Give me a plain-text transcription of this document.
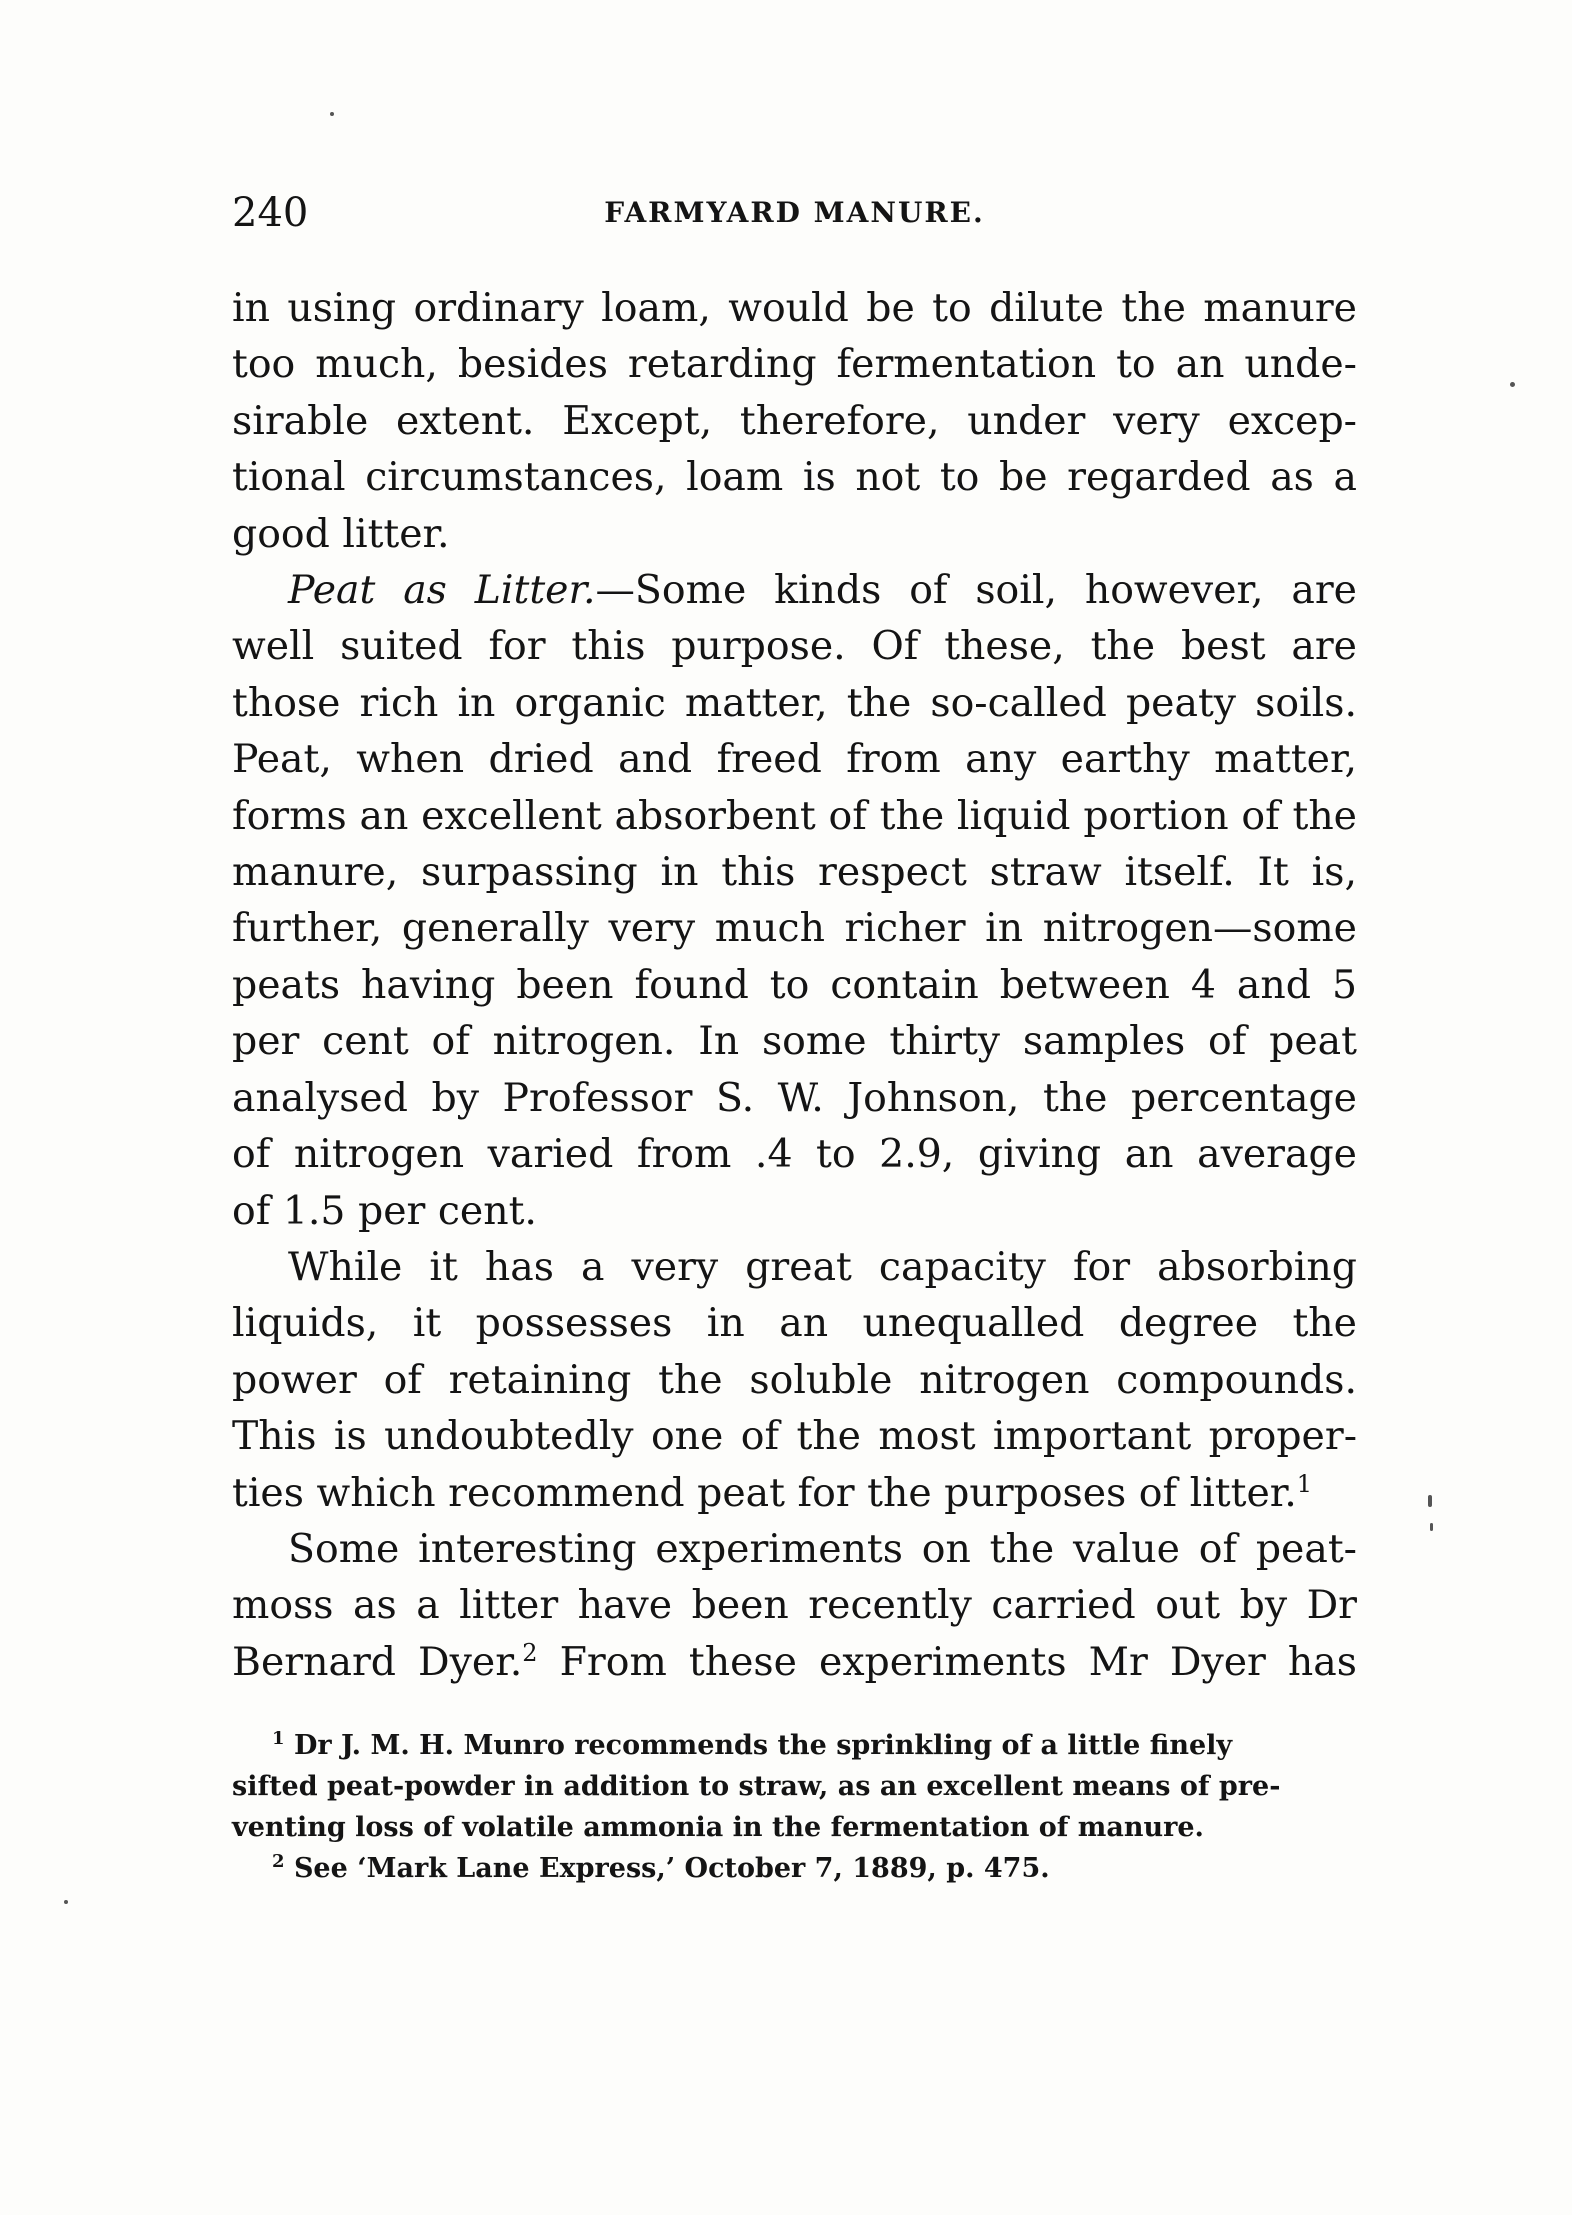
240	FARMYARD MANURE.

in using ordinary loam, would be to dilute the manure
too much, besides retarding fermentation to an unde-
sirable extent. Except, therefore, under very excep-
tional circumstances, loam is not to be regarded as a

good litter.

Peat as Litter.—Some kinds of soil, however, are

well suited for this purpose. Of these, the best are
those rich in organic matter, the so-called peaty soils.
Peat, when dried and freed from any earthy matter,
forms an excellent absorbent of the liquid portion of the
manure, surpassing in this respect straw itself. It is,
further, generally very much richer in nitrogen—some
peats having been found to contain between 4 and 5
per cent of nitrogen. In some thirty samples of peat
analysed by Professor S. W. Johnson, the percentage
of nitrogen varied from .4 to 2.9, giving an average

of 1.5 per cent.

While it has a very great capacity for absorbing

liquids, it possesses in an unequalled degree the
power of retaining the soluble nitrogen compounds.
This is undoubtedly one of the most important proper-

ties which recommend peat for the purposes of litter.$^1$

Some interesting experiments on the value of peat-

moss as a litter have been recently carried out by Dr

Bernard Dyer.$^2$ From these experiments Mr Dyer has

$^1$ Dr J. M. H. Munro recommends the sprinkling of a little finely

sifted peat-powder in addition to straw, as an excellent means of pre-

venting loss of volatile ammonia in the fermentation of manure.

$^2$ See ‘Mark Lane Express,’ October 7, 1889, p. 475.
